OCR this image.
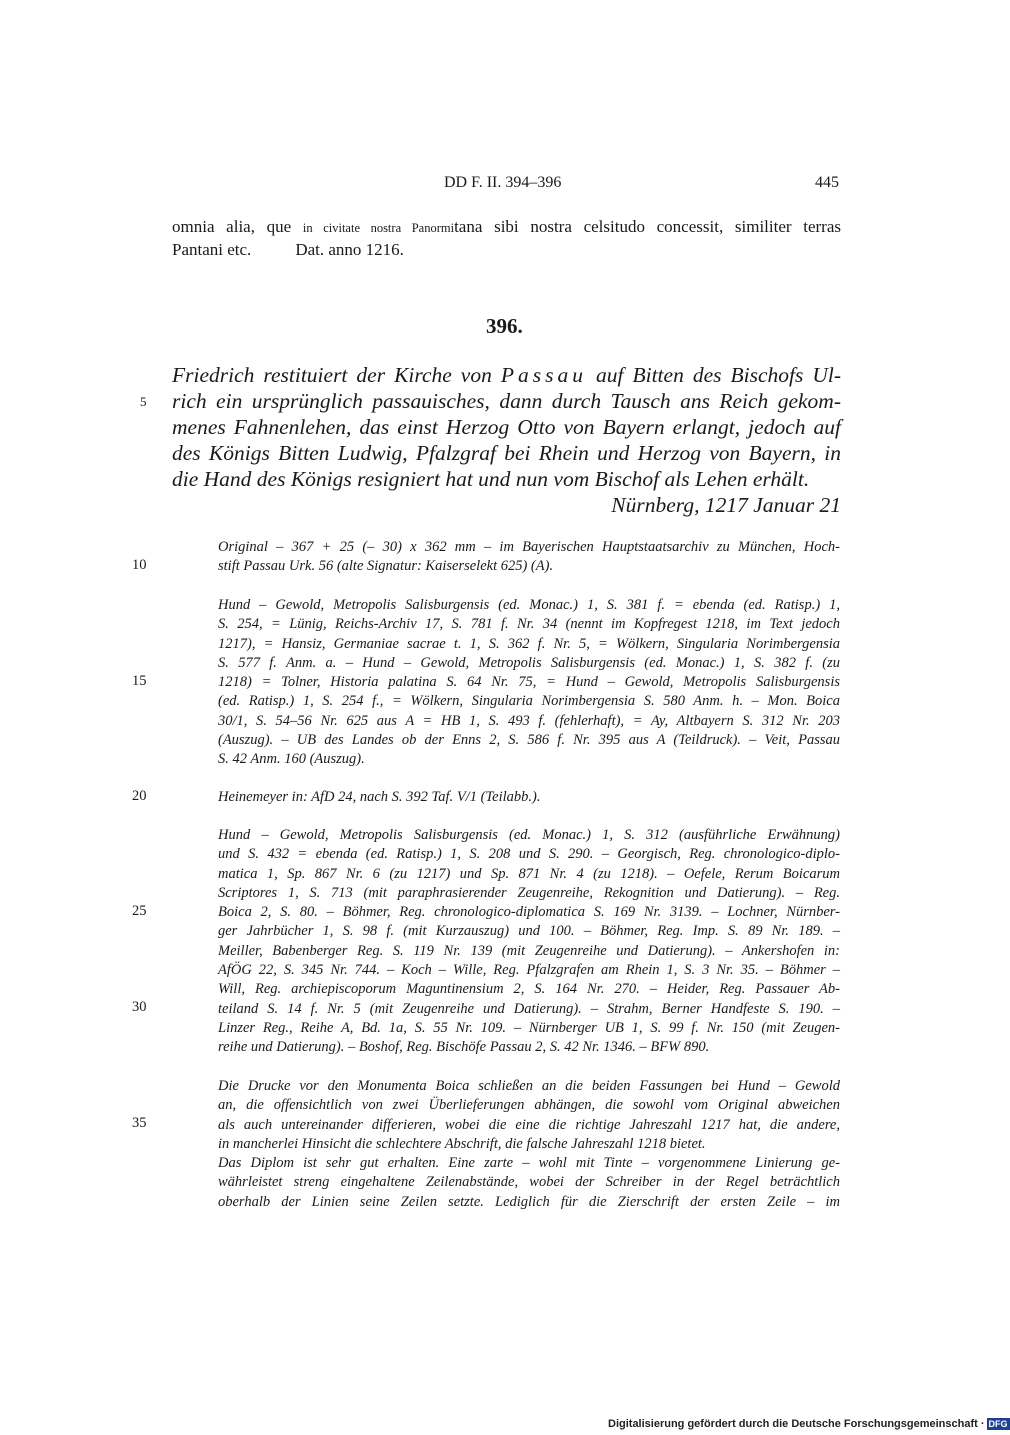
DD F. II. 394–396	445
omnia alia, que in civitate nostra Panormitana sibi nostra celsitudo concessit, similiter terras
Pantani etc.	Dat. anno 1216.
396.
Friedrich restituiert der Kirche von Passau auf Bitten des Bischofs Ul-
rich ein ursprünglich passauisches, dann durch Tausch ans Reich gekom-
menes Fahnenlehen, das einst Herzog Otto von Bayern erlangt, jedoch auf
des Königs Bitten Ludwig, Pfalzgraf bei Rhein und Herzog von Bayern, in
die Hand des Königs resigniert hat und nun vom Bischof als Lehen erhält.
Nürnberg, 1217 Januar 21
Original – 367 + 25 (– 30) x 362 mm – im Bayerischen Hauptstaatsarchiv zu München, Hoch-
stift Passau Urk. 56 (alte Signatur: Kaiserselekt 625) (A).
Hund – Gewold, Metropolis Salisburgensis (ed. Monac.) 1, S. 381 f. = ebenda (ed. Ratisp.) 1,
S. 254, = Lünig, Reichs-Archiv 17, S. 781 f. Nr. 34 (nennt im Kopfregest 1218, im Text jedoch
1217), = Hansiz, Germaniae sacrae t. 1, S. 362 f. Nr. 5, = Wölkern, Singularia Norimbergensia
S. 577 f. Anm. a. – Hund – Gewold, Metropolis Salisburgensis (ed. Monac.) 1, S. 382 f. (zu
1218) = Tolner, Historia palatina S. 64 Nr. 75, = Hund – Gewold, Metropolis Salisburgensis
(ed. Ratisp.) 1, S. 254 f., = Wölkern, Singularia Norimbergensia S. 580 Anm. h. – Mon. Boica
30/1, S. 54–56 Nr. 625 aus A = HB 1, S. 493 f. (fehlerhaft), = Ay, Altbayern S. 312 Nr. 203
(Auszug). – UB des Landes ob der Enns 2, S. 586 f. Nr. 395 aus A (Teildruck). – Veit, Passau
S. 42 Anm. 160 (Auszug).
Heinemeyer in: AfD 24, nach S. 392 Taf. V/1 (Teilabb.).
Hund – Gewold, Metropolis Salisburgensis (ed. Monac.) 1, S. 312 (ausführliche Erwähnung)
und S. 432 = ebenda (ed. Ratisp.) 1, S. 208 und S. 290. – Georgisch, Reg. chronologico-diplo-
matica 1, Sp. 867 Nr. 6 (zu 1217) und Sp. 871 Nr. 4 (zu 1218). – Oefele, Rerum Boicarum
Scriptores 1, S. 713 (mit paraphrasierender Zeugenreihe, Rekognition und Datierung). – Reg.
Boica 2, S. 80. – Böhmer, Reg. chronologico-diplomatica S. 169 Nr. 3139. – Lochner, Nürnber-
ger Jahrbücher 1, S. 98 f. (mit Kurzauszug) und 100. – Böhmer, Reg. Imp. S. 89 Nr. 189. –
Meiller, Babenberger Reg. S. 119 Nr. 139 (mit Zeugenreihe und Datierung). – Ankershofen in:
AfÖG 22, S. 345 Nr. 744. – Koch – Wille, Reg. Pfalzgrafen am Rhein 1, S. 3 Nr. 35. – Böhmer –
Will, Reg. archiepiscoporum Maguntinensium 2, S. 164 Nr. 270. – Heider, Reg. Passauer Ab-
teiland S. 14 f. Nr. 5 (mit Zeugenreihe und Datierung). – Strahm, Berner Handfeste S. 190. –
Linzer Reg., Reihe A, Bd. 1a, S. 55 Nr. 109. – Nürnberger UB 1, S. 99 f. Nr. 150 (mit Zeugen-
reihe und Datierung). – Boshof, Reg. Bischöfe Passau 2, S. 42 Nr. 1346. – BFW 890.
Die Drucke vor den Monumenta Boica schließen an die beiden Fassungen bei Hund – Gewold
an, die offensichtlich von zwei Überlieferungen abhängen, die sowohl vom Original abweichen
als auch untereinander differieren, wobei die eine die richtige Jahreszahl 1217 hat, die andere,
in mancherlei Hinsicht die schlechtere Abschrift, die falsche Jahreszahl 1218 bietet.
Das Diplom ist sehr gut erhalten. Eine zarte – wohl mit Tinte – vorgenommene Linierung ge-
währleistet streng eingehaltene Zeilenabstände, wobei der Schreiber in der Regel beträchtlich
oberhalb der Linien seine Zeilen setzte. Lediglich für die Zierschrift der ersten Zeile – im
5
10
15
20
25
30
35
Digitalisierung gefördert durch die Deutsche Forschungsgemeinschaft · DFG
